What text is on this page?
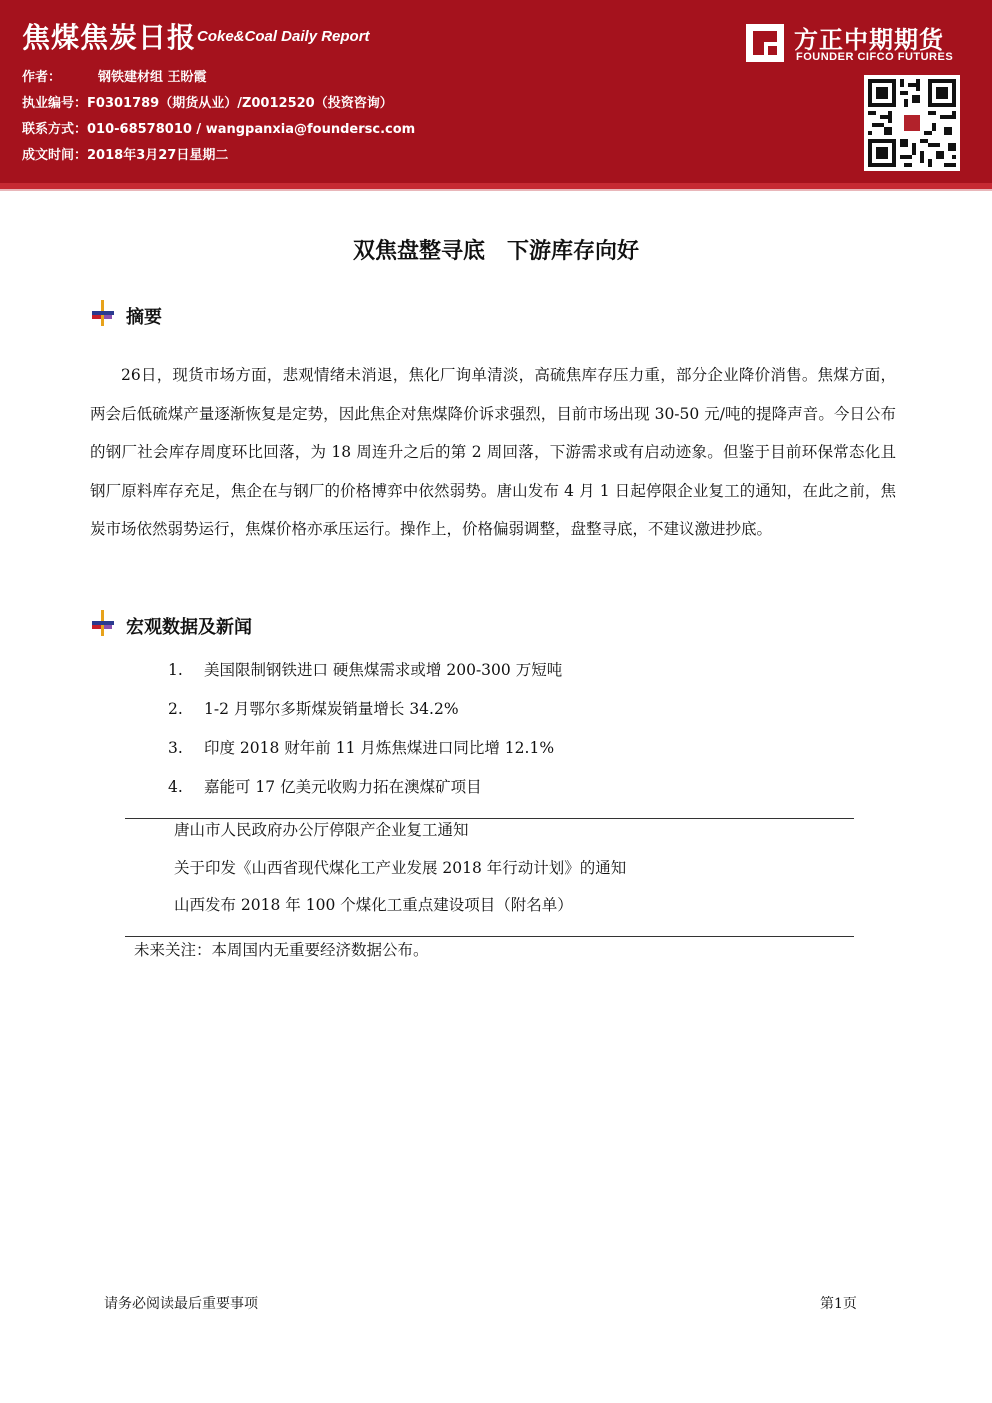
焦煤焦炭日报 Coke&Coal Daily Report
作者：	钢铁建材组 王盼霞
执业编号：F0301789（期货从业）/Z0012520（投资咨询）
联系方式：010-68578010 / wangpanxia@foundersc.com
成文时间：2018年3月27日星期二
方正中期期货
FOUNDER CIFCO FUTURES
双焦盘整寻底　下游库存向好
摘要
26日，现货市场方面，悲观情绪未消退，焦化厂询单清淡，高硫焦库存压力重，部分企业降价消售。焦煤方面，两会后低硫煤产量逐渐恢复是定势，因此焦企对焦煤降价诉求强烈，目前市场出现 30-50 元/吨的提降声音。今日公布的钢厂社会库存周度环比回落，为 18 周连升之后的第 2 周回落，下游需求或有启动迹象。但鉴于目前环保常态化且钢厂原料库存充足，焦企在与钢厂的价格博弈中依然弱势。唐山发布 4 月 1 日起停限企业复工的通知，在此之前，焦炭市场依然弱势运行，焦煤价格亦承压运行。操作上，价格偏弱调整，盘整寻底，不建议激进抄底。
宏观数据及新闻
1. 美国限制钢铁进口 硬焦煤需求或增 200-300 万短吨
2. 1-2 月鄂尔多斯煤炭销量增长 34.2%
3. 印度 2018 财年前 11 月炼焦煤进口同比增 12.1%
4. 嘉能可 17 亿美元收购力拓在澳煤矿项目
唐山市人民政府办公厅停限产企业复工通知
关于印发《山西省现代煤化工产业发展 2018 年行动计划》的通知
山西发布 2018 年 100 个煤化工重点建设项目（附名单）
未来关注：本周国内无重要经济数据公布。
请务必阅读最后重要事项	第1页
